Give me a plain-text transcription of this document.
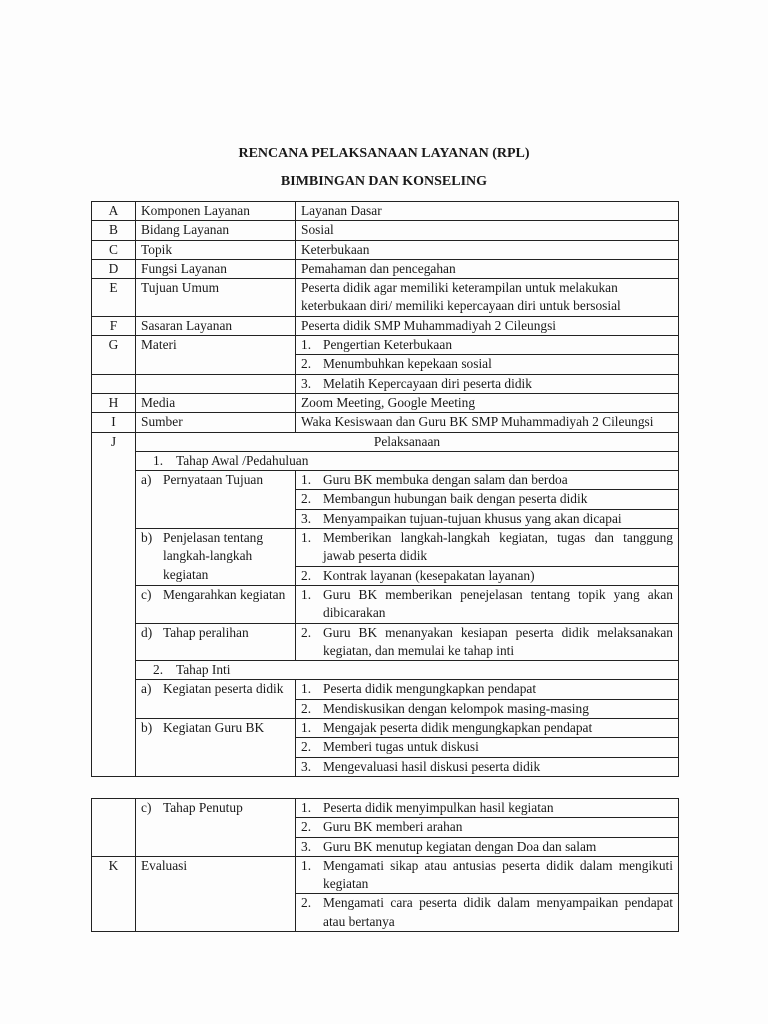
RENCANA PELAKSANAAN LAYANAN (RPL)
BIMBINGAN DAN KONSELING
A	Komponen Layanan	Layanan Dasar
B	Bidang Layanan	Sosial
C	Topik	Keterbukaan
D	Fungsi Layanan	Pemahaman dan pencegahan
E	Tujuan Umum	Peserta didik agar memiliki keterampilan untuk melakukan keterbukaan diri/ memiliki kepercayaan diri untuk bersosial
F	Sasaran Layanan	Peserta didik SMP Muhammadiyah 2 Cileungsi
G	Materi	1. Pengertian Keterbukaan

		2. Menumbuhkan kepekaan sosial

		3. Melatih Kepercayaan diri peserta didik

H	Media	Zoom Meeting, Google Meeting
I	Sumber	Waka Kesiswaan dan Guru BK SMP Muhammadiyah 2 Cileungsi
J	Pelaksanaan	

	1. Tahap Awal /Pedahuluan	

	a) Pernyataan Tujuan	1. Guru BK membuka dengan salam dan berdoa

		2. Membangun hubungan baik dengan peserta didik

		3. Menyampaikan tujuan-tujuan khusus yang akan dicapai

	b) Penjelasan tentang langkah-langkah kegiatan	1. Memberikan langkah-langkah kegiatan, tugas dan tanggung jawab peserta didik

		2. Kontrak layanan (kesepakatan layanan)

	c) Mengarahkan kegiatan	1. Guru BK memberikan penejelasan tentang topik yang akan dibicarakan

	d) Tahap peralihan	2. Guru BK menanyakan kesiapan peserta didik melaksanakan kegiatan, dan memulai ke tahap inti

	2. Tahap Inti	

	a) Kegiatan peserta didik	1. Peserta didik mengungkapkan pendapat

		2. Mendiskusikan dengan kelompok masing-masing

	b) Kegiatan Guru BK	1. Mengajak peserta didik mengungkapkan pendapat

		2. Memberi tugas untuk diskusi

		3. Mengevaluasi hasil diskusi peserta didik

	c) Tahap Penutup	1. Peserta didik menyimpulkan hasil kegiatan

		2. Guru BK memberi arahan

		3. Guru BK menutup kegiatan dengan Doa dan salam

K	Evaluasi	1. Mengamati sikap atau antusias peserta didik dalam mengikuti kegiatan

		2. Mengamati cara peserta didik dalam menyampaikan pendapat atau bertanya
